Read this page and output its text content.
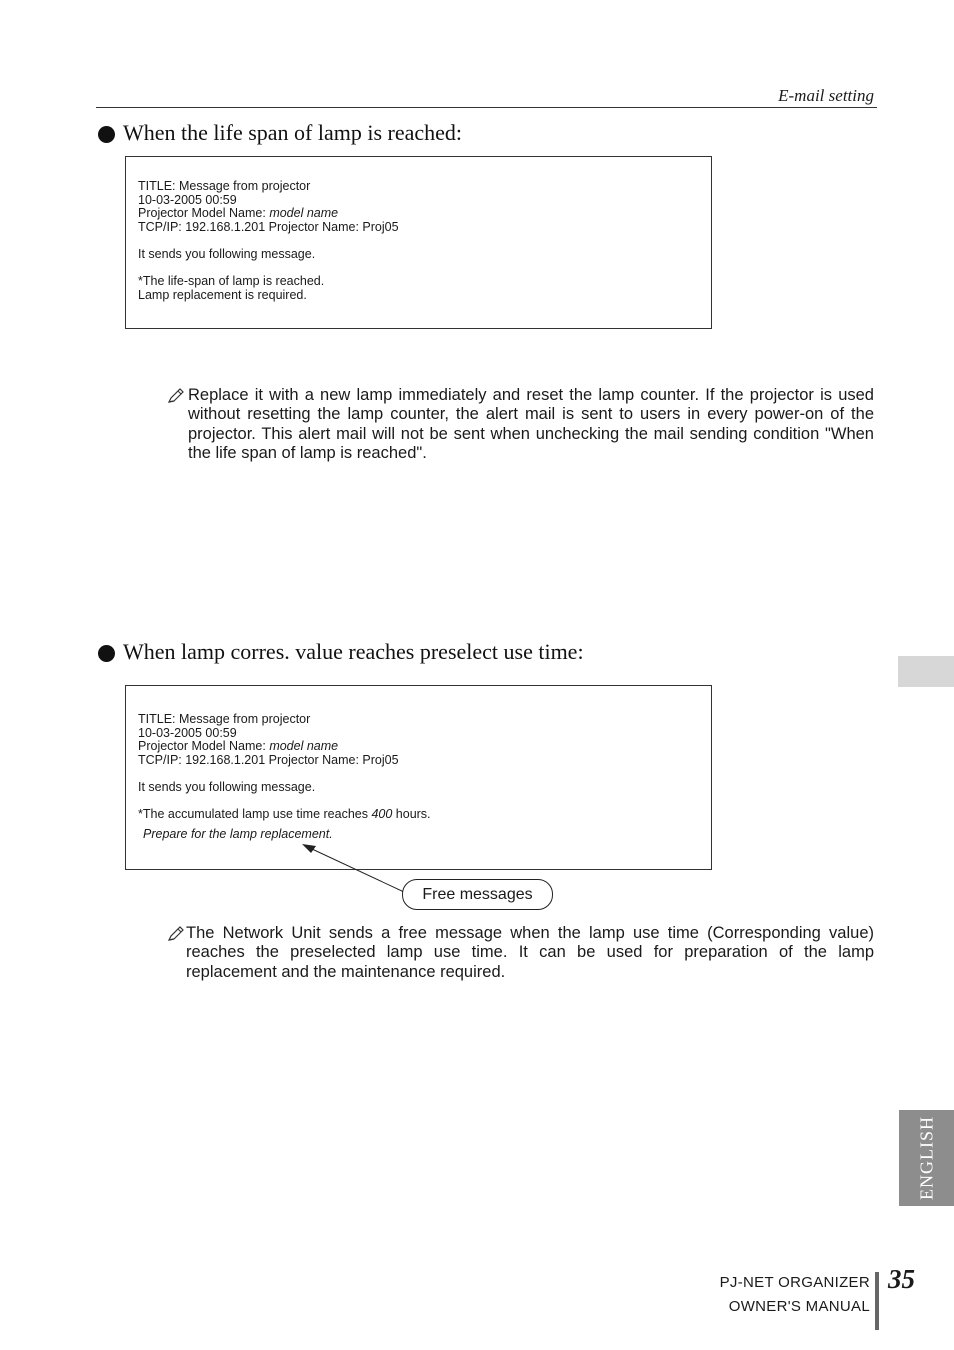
E-mail setting
When the life span of lamp is reached:
TITLE: Message from projector
10-03-2005 00:59
Projector Model Name: model name
TCP/IP: 192.168.1.201 Projector Name: Proj05
It sends you following message.
*The life-span of lamp is reached.
Lamp replacement is required.
Replace it with a new lamp immediately and reset the lamp counter. If the projector is used without resetting the lamp counter, the alert mail is sent to users in every power-on of the projector. This alert mail will not be sent when unchecking the mail sending condition "When the life span of lamp is reached".
When lamp corres. value reaches preselect use time:
TITLE: Message from projector
10-03-2005 00:59
Projector Model Name: model name
TCP/IP: 192.168.1.201 Projector Name: Proj05
It sends you following message.
*The accumulated lamp use time reaches 400 hours.
Prepare for the lamp replacement.
Free messages
The Network Unit sends a free message when the lamp use time (Corresponding value) reaches the preselected lamp use time. It can be used for preparation of the lamp replacement and the maintenance required.
ENGLISH
PJ-NET ORGANIZER
OWNER'S MANUAL
35
